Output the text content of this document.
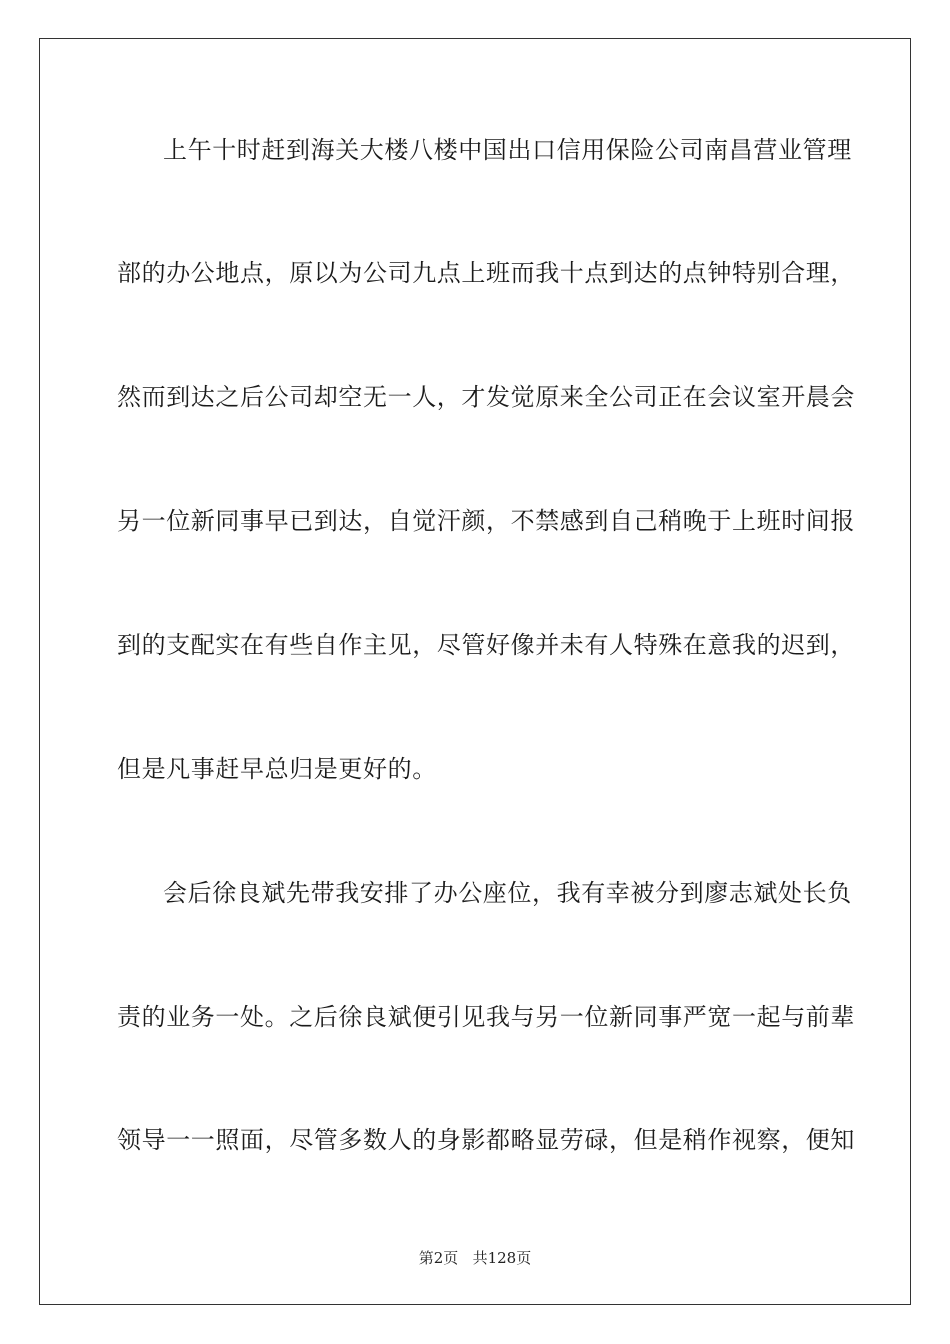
上午十时赶到海关大楼八楼中国出口信用保险公司南昌营业管理
部的办公地点，原以为公司九点上班而我十点到达的点钟特别合理，
然而到达之后公司却空无一人，才发觉原来全公司正在会议室开晨会
另一位新同事早已到达，自觉汗颜，不禁感到自己稍晚于上班时间报
到的支配实在有些自作主见，尽管好像并未有人特殊在意我的迟到，
但是凡事赶早总归是更好的。
会后徐良斌先带我安排了办公座位，我有幸被分到廖志斌处长负
责的业务一处。之后徐良斌便引见我与另一位新同事严宽一起与前辈
领导一一照面，尽管多数人的身影都略显劳碌，但是稍作视察，便知
第2页   共128页
